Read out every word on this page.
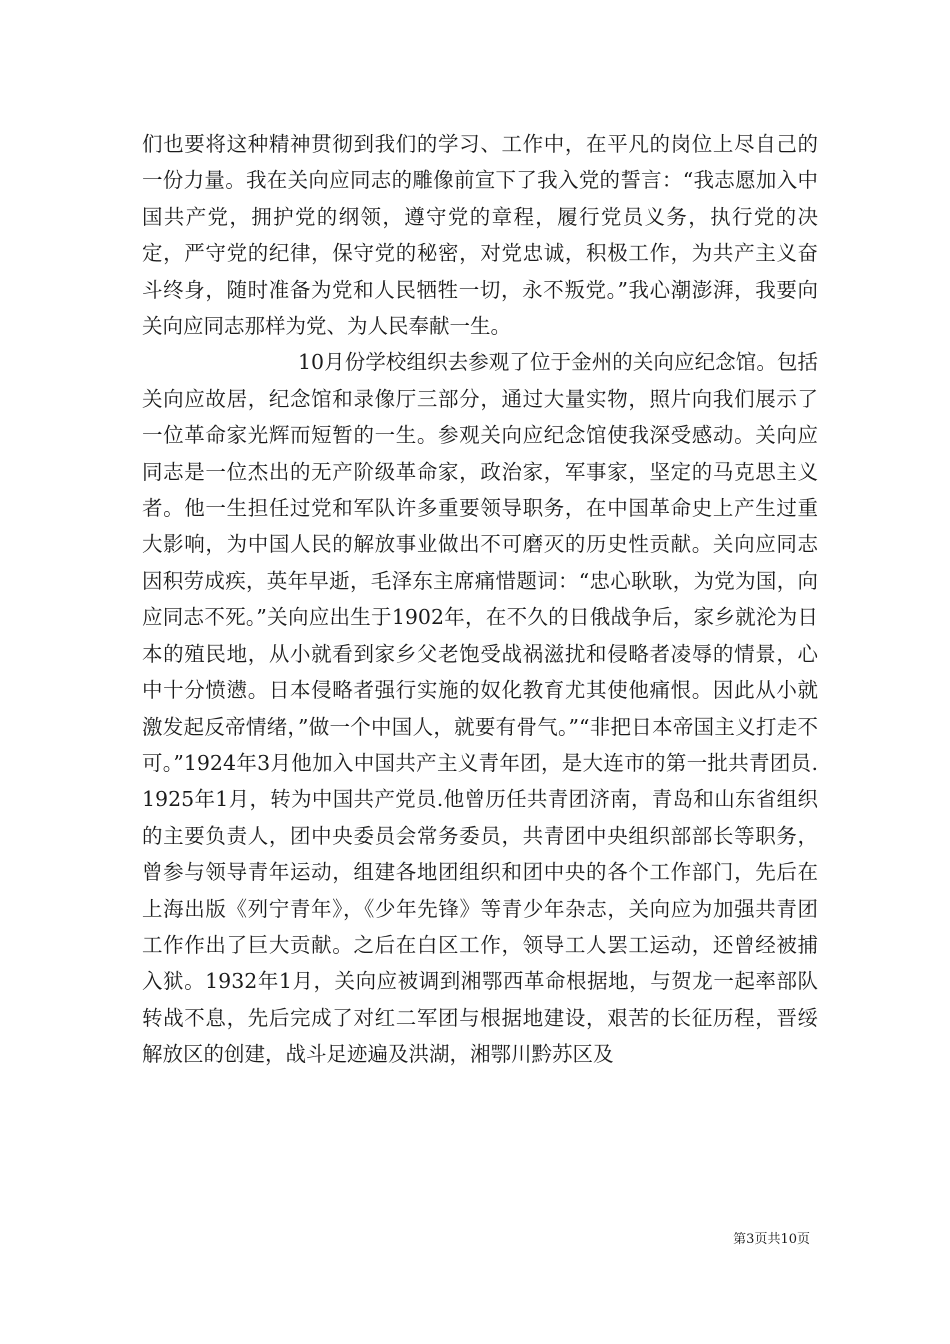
们也要将这种精神贯彻到我们的学习、工作中，在平凡的岗位上尽自己的一份力量。我在关向应同志的雕像前宣下了我入党的誓言：“我志愿加入中国共产党，拥护党的纲领，遵守党的章程，履行党员义务，执行党的决定，严守党的纪律，保守党的秘密，对党忠诚，积极工作，为共产主义奋斗终身，随时准备为党和人民牺牲一切，永不叛党。”我心潮澎湃，我要向关向应同志那样为党、为人民奉献一生。

10月份学校组织去参观了位于金州的关向应纪念馆。包括关向应故居，纪念馆和录像厅三部分，通过大量实物，照片向我们展示了一位革命家光辉而短暂的一生。参观关向应纪念馆使我深受感动。关向应同志是一位杰出的无产阶级革命家，政治家，军事家，坚定的马克思主义者。他一生担任过党和军队许多重要领导职务，在中国革命史上产生过重大影响，为中国人民的解放事业做出不可磨灭的历史性贡献。关向应同志因积劳成疾，英年早逝，毛泽东主席痛惜题词：“忠心耿耿，为党为国，向应同志不死。”关向应出生于1902年，在不久的日俄战争后，家乡就沦为日本的殖民地，从小就看到家乡父老饱受战祸滋扰和侵略者凌辱的情景，心中十分愤懑。日本侵略者强行实施的奴化教育尤其使他痛恨。因此从小就激发起反帝情绪，”做一个中国人，就要有骨气。”“非把日本帝国主义打走不可。”1924年3月他加入中国共产主义青年团，是大连市的第一批共青团员.1925年1月，转为中国共产党员.他曾历任共青团济南，青岛和山东省组织的主要负责人，团中央委员会常务委员，共青团中央组织部部长等职务，曾参与领导青年运动，组建各地团组织和团中央的各个工作部门，先后在上海出版《列宁青年》，《少年先锋》等青少年杂志，关向应为加强共青团工作作出了巨大贡献。之后在白区工作，领导工人罢工运动，还曾经被捕入狱。1932年1月，关向应被调到湘鄂西革命根据地，与贺龙一起率部队转战不息，先后完成了对红二军团与根据地建设，艰苦的长征历程，晋绥解放区的创建，战斗足迹遍及洪湖，湘鄂川黔苏区及

第3页共10页
